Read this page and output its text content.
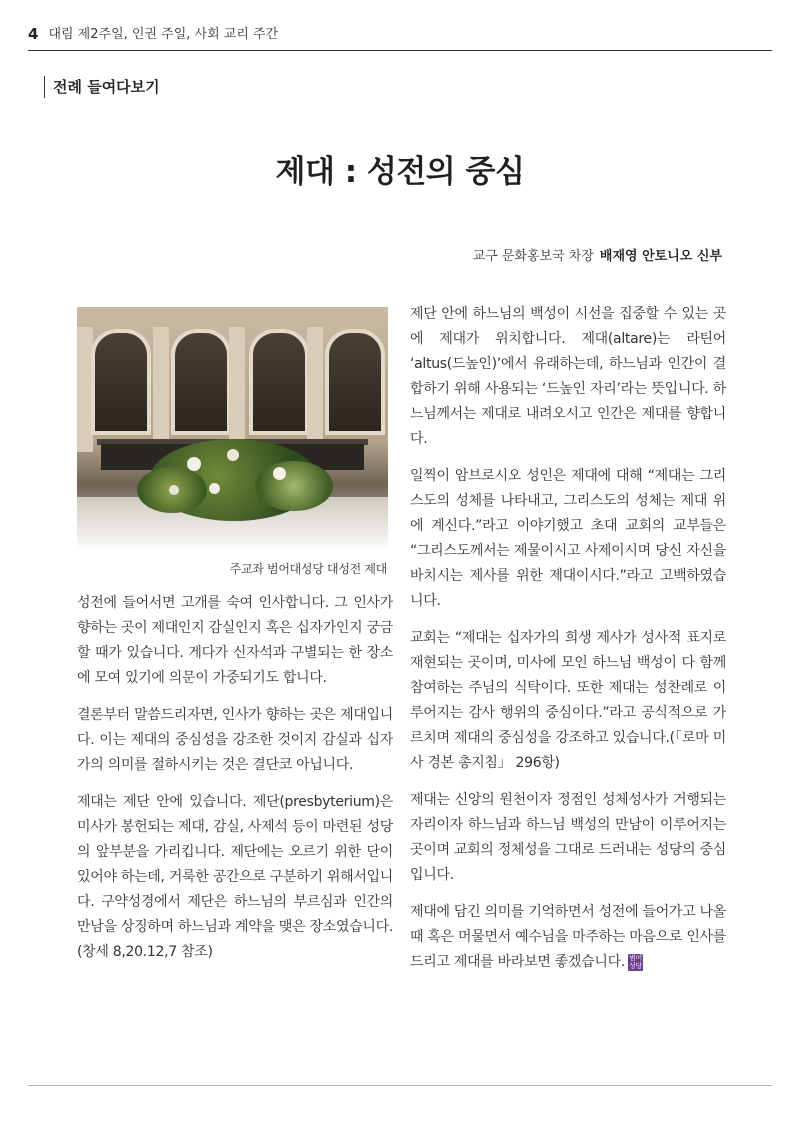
4 대림 제2주일, 인권 주일, 사회 교리 주간
전례 들여다보기
제대 : 성전의 중심
교구 문화홍보국 차장 배재영 안토니오 신부
주교좌 범어대성당 대성전 제대

성전에 들어서면 고개를 숙여 인사합니다. 그 인사가 향하는 곳이 제대인지 감실인지 혹은 십자가인지 궁금할 때가 있습니다. 게다가 신자석과 구별되는 한 장소에 모여 있기에 의문이 가중되기도 합니다.

결론부터 말씀드리자면, 인사가 향하는 곳은 제대입니다. 이는 제대의 중심성을 강조한 것이지 감실과 십자가의 의미를 절하시키는 것은 결단코 아닙니다.

제대는 제단 안에 있습니다. 제단(presbyterium)은 미사가 봉헌되는 제대, 감실, 사제석 등이 마련된 성당의 앞부분을 가리킵니다. 제단에는 오르기 위한 단이 있어야 하는데, 거룩한 공간으로 구분하기 위해서입니다. 구약성경에서 제단은 하느님의 부르심과 인간의 만남을 상징하며 하느님과 계약을 맺은 장소였습니다.(창세 8,20.12,7 참조)

제단 안에 하느님의 백성이 시선을 집중할 수 있는 곳에 제대가 위치합니다. 제대(altare)는 라틴어 ‘altus(드높인)’에서 유래하는데, 하느님과 인간이 결합하기 위해 사용되는 ‘드높인 자리’라는 뜻입니다. 하느님께서는 제대로 내려오시고 인간은 제대를 향합니다.

일찍이 암브로시오 성인은 제대에 대해 “제대는 그리스도의 성체를 나타내고, 그리스도의 성체는 제대 위에 계신다.”라고 이야기했고 초대 교회의 교부들은 “그리스도께서는 제물이시고 사제이시며 당신 자신을 바치시는 제사를 위한 제대이시다.”라고 고백하였습니다.

교회는 “제대는 십자가의 희생 제사가 성사적 표지로 재현되는 곳이며, 미사에 모인 하느님 백성이 다 함께 참여하는 주님의 식탁이다. 또한 제대는 성찬례로 이루어지는 감사 행위의 중심이다.”라고 공식적으로 가르치며 제대의 중심성을 강조하고 있습니다.(「로마 미사 경본 총지침」 296항)

제대는 신앙의 원천이자 정점인 성체성사가 거행되는 자리이자 하느님과 하느님 백성의 만남이 이루어지는 곳이며 교회의 정체성을 그대로 드러내는 성당의 중심입니다.

제대에 담긴 의미를 기억하면서 성전에 들어가고 나올 때 혹은 머물면서 예수님을 마주하는 마음으로 인사를 드리고 제대를 바라보면 좋겠습니다. 범어
성당
